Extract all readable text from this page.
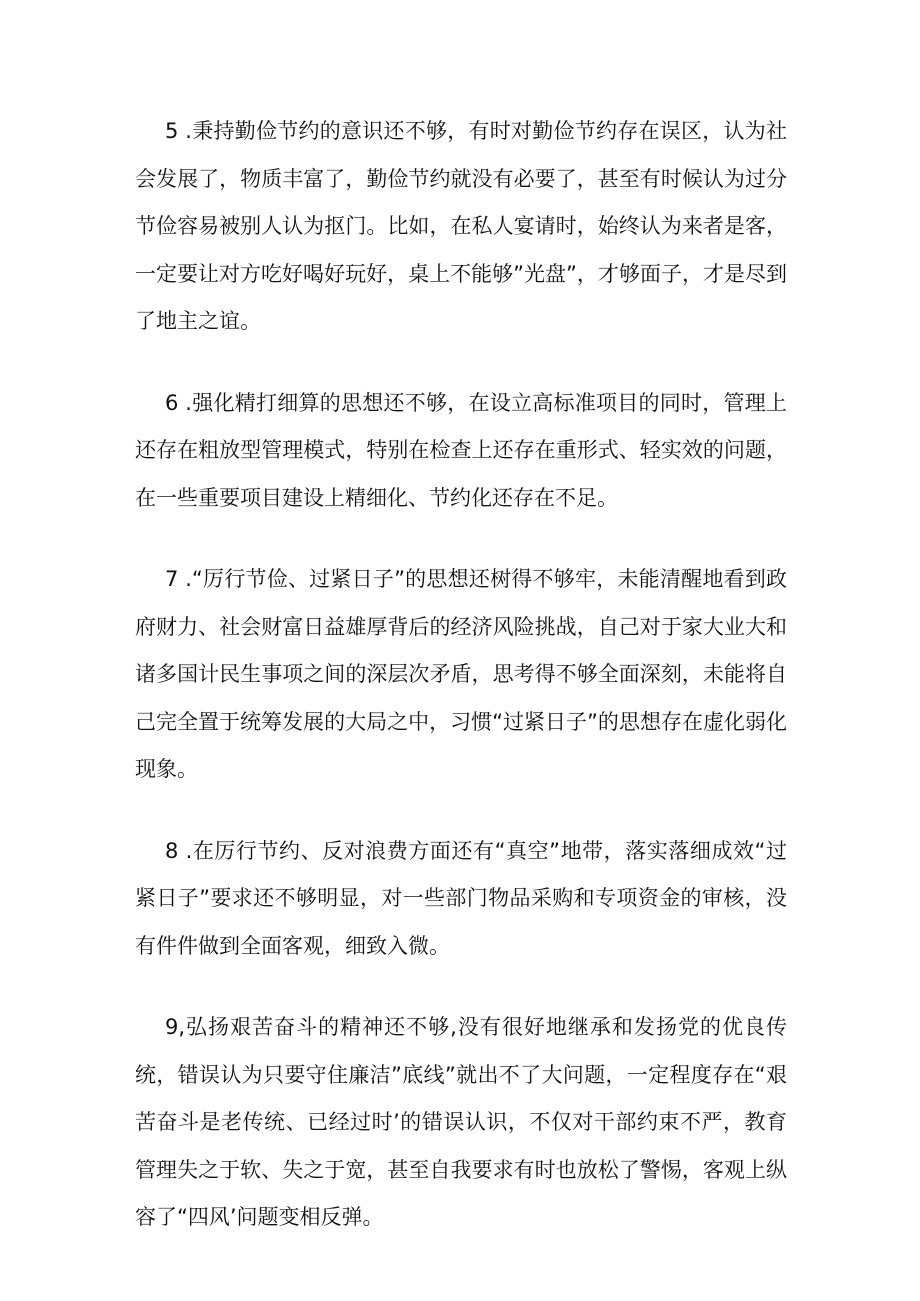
5 .秉持勤俭节约的意识还不够，有时对勤俭节约存在误区，认为社会发展了，物质丰富了，勤俭节约就没有必要了，甚至有时候认为过分节俭容易被别人认为抠门。比如，在私人宴请时，始终认为来者是客，一定要让对方吃好喝好玩好，桌上不能够”光盘”，才够面子，才是尽到了地主之谊。

6 .强化精打细算的思想还不够，在设立高标准项目的同时，管理上还存在粗放型管理模式，特别在检查上还存在重形式、轻实效的问题，在一些重要项目建设上精细化、节约化还存在不足。

7 .“厉行节俭、过紧日子”的思想还树得不够牢，未能清醒地看到政府财力、社会财富日益雄厚背后的经济风险挑战，自己对于家大业大和诸多国计民生事项之间的深层次矛盾，思考得不够全面深刻，未能将自己完全置于统筹发展的大局之中，习惯“过紧日子”的思想存在虚化弱化现象。

8 .在厉行节约、反对浪费方面还有“真空”地带，落实落细成效“过紧日子”要求还不够明显，对一些部门物品采购和专项资金的审核，没有件件做到全面客观，细致入微。

9,弘扬艰苦奋斗的精神还不够,没有很好地继承和发扬党的优良传统，错误认为只要守住廉洁”底线”就出不了大问题，一定程度存在“艰苦奋斗是老传统、已经过时’的错误认识，不仅对干部约束不严，教育管理失之于软、失之于宽，甚至自我要求有时也放松了警惕，客观上纵容了“四风’问题变相反弹。
